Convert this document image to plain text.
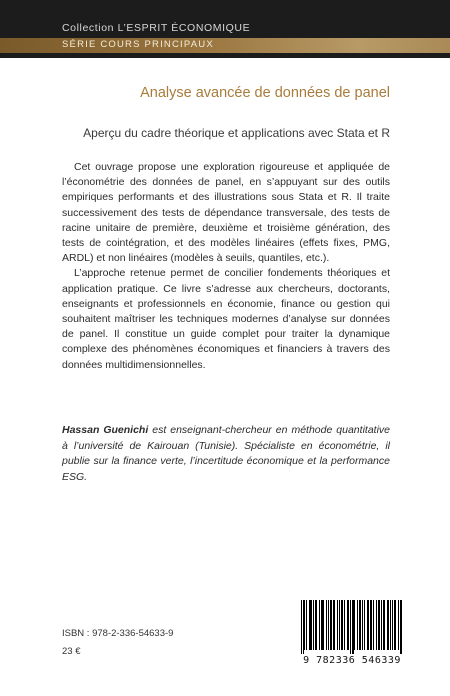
Collection L’ESPRIT ÉCONOMIQUE
SÉRIE COURS PRINCIPAUX
Analyse avancée de données de panel
Aperçu du cadre théorique et applications avec Stata et R

Cet ouvrage propose une exploration rigoureuse et appliquée de l’économétrie des données de panel, en s’appuyant sur des outils empiriques performants et des illustrations sous Stata et R. Il traite successivement des tests de dépendance transversale, des tests de racine unitaire de première, deuxième et troisième génération, des tests de cointégration, et des modèles linéaires (effets fixes, PMG, ARDL) et non linéaires (modèles à seuils, quantiles, etc.).

L’approche retenue permet de concilier fondements théoriques et application pratique. Ce livre s’adresse aux chercheurs, doctorants, enseignants et professionnels en économie, finance ou gestion qui souhaitent maîtriser les techniques modernes d’analyse sur données de panel. Il constitue un guide complet pour traiter la dynamique complexe des phénomènes économiques et financiers à travers des données multidimensionnelles.

Hassan Guenichi est enseignant-chercheur en méthode quantitative à l’université de Kairouan (Tunisie). Spécialiste en économétrie, il publie sur la finance verte, l’incertitude économique et la performance ESG.
ISBN : 978-2-336-54633-9
23 €
9 782336 546339
